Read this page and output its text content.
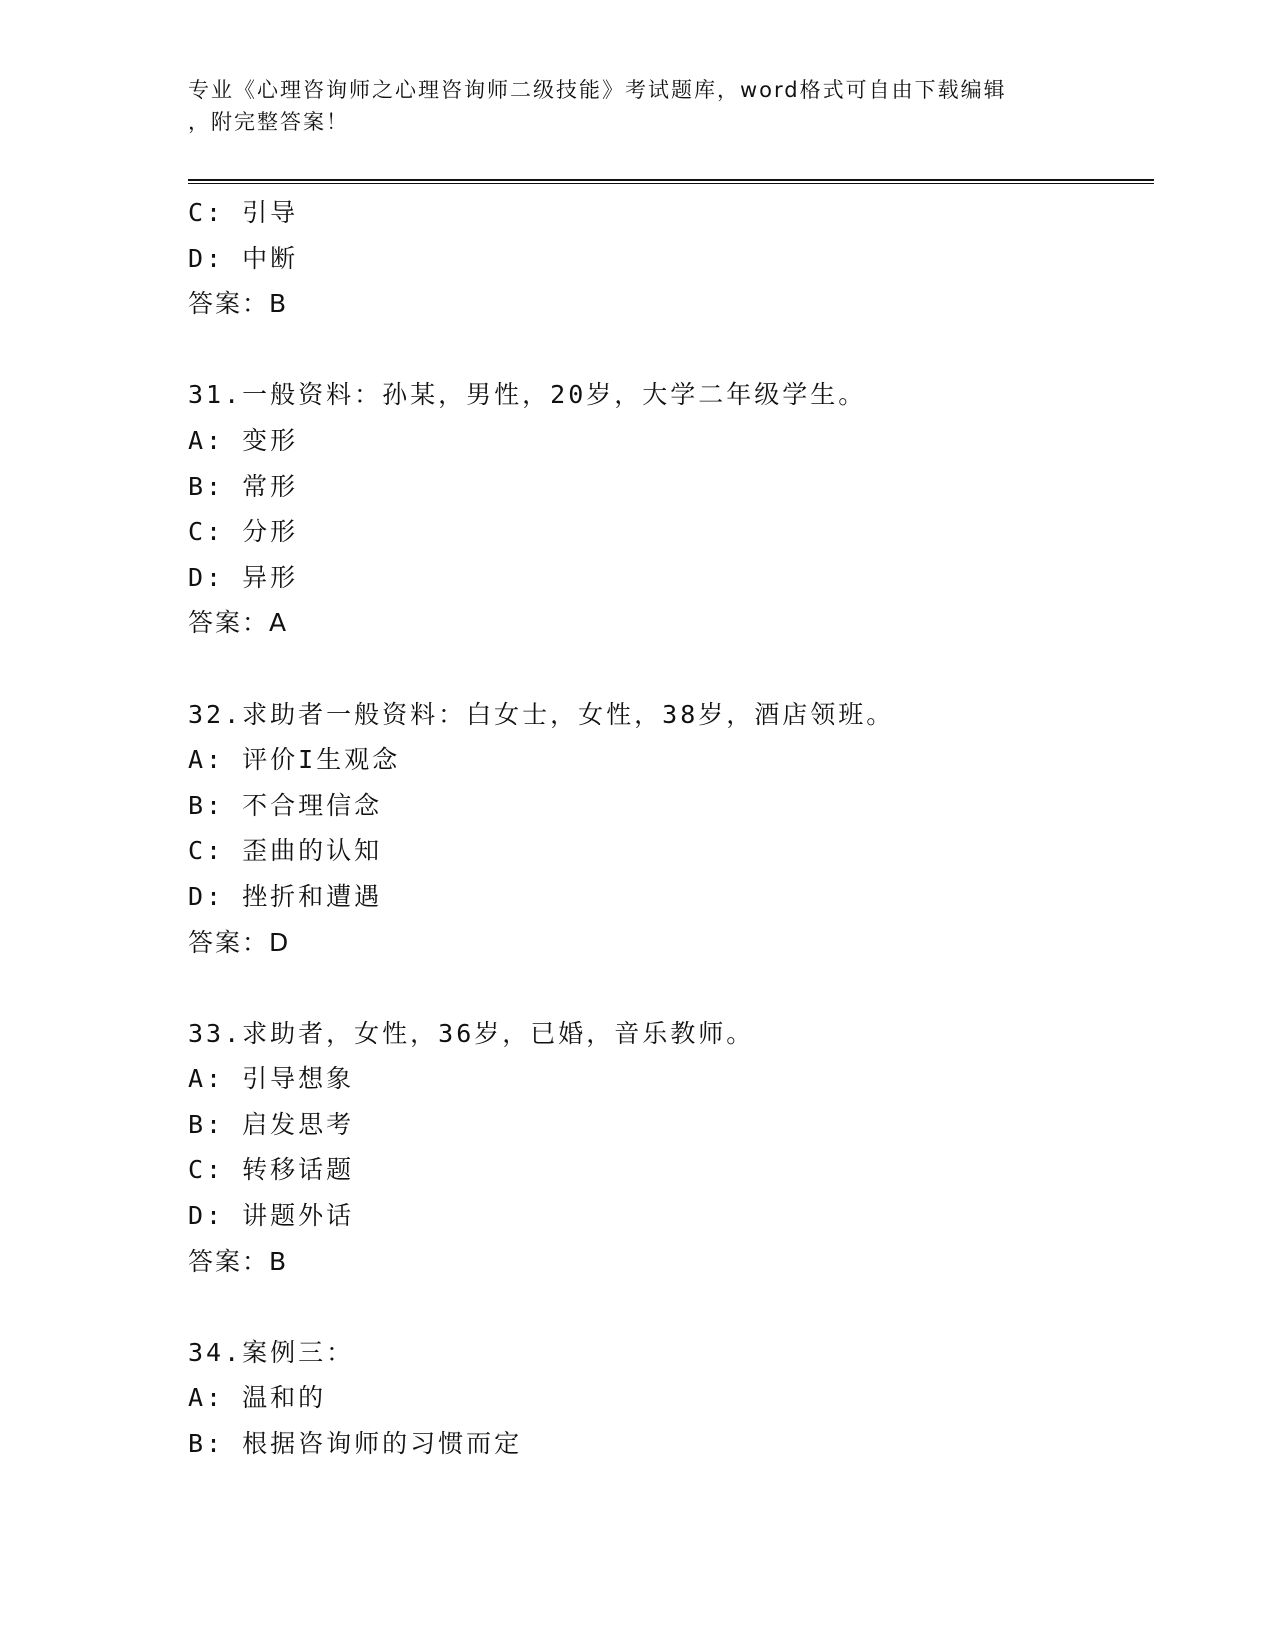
专业《心理咨询师之心理咨询师二级技能》考试题库，word格式可自由下载编辑
，附完整答案！
C: 引导
D: 中断
答案：B
31.一般资料：孙某，男性，20岁，大学二年级学生。
A: 变形
B: 常形
C: 分形
D: 异形
答案：A
32.求助者一般资料：白女士，女性，38岁，酒店领班。
A: 评价I生观念
B: 不合理信念
C: 歪曲的认知
D: 挫折和遭遇
答案：D
33.求助者，女性，36岁，已婚，音乐教师。
A: 引导想象
B: 启发思考
C: 转移话题
D: 讲题外话
答案：B
34.案例三：
A: 温和的
B: 根据咨询师的习惯而定
